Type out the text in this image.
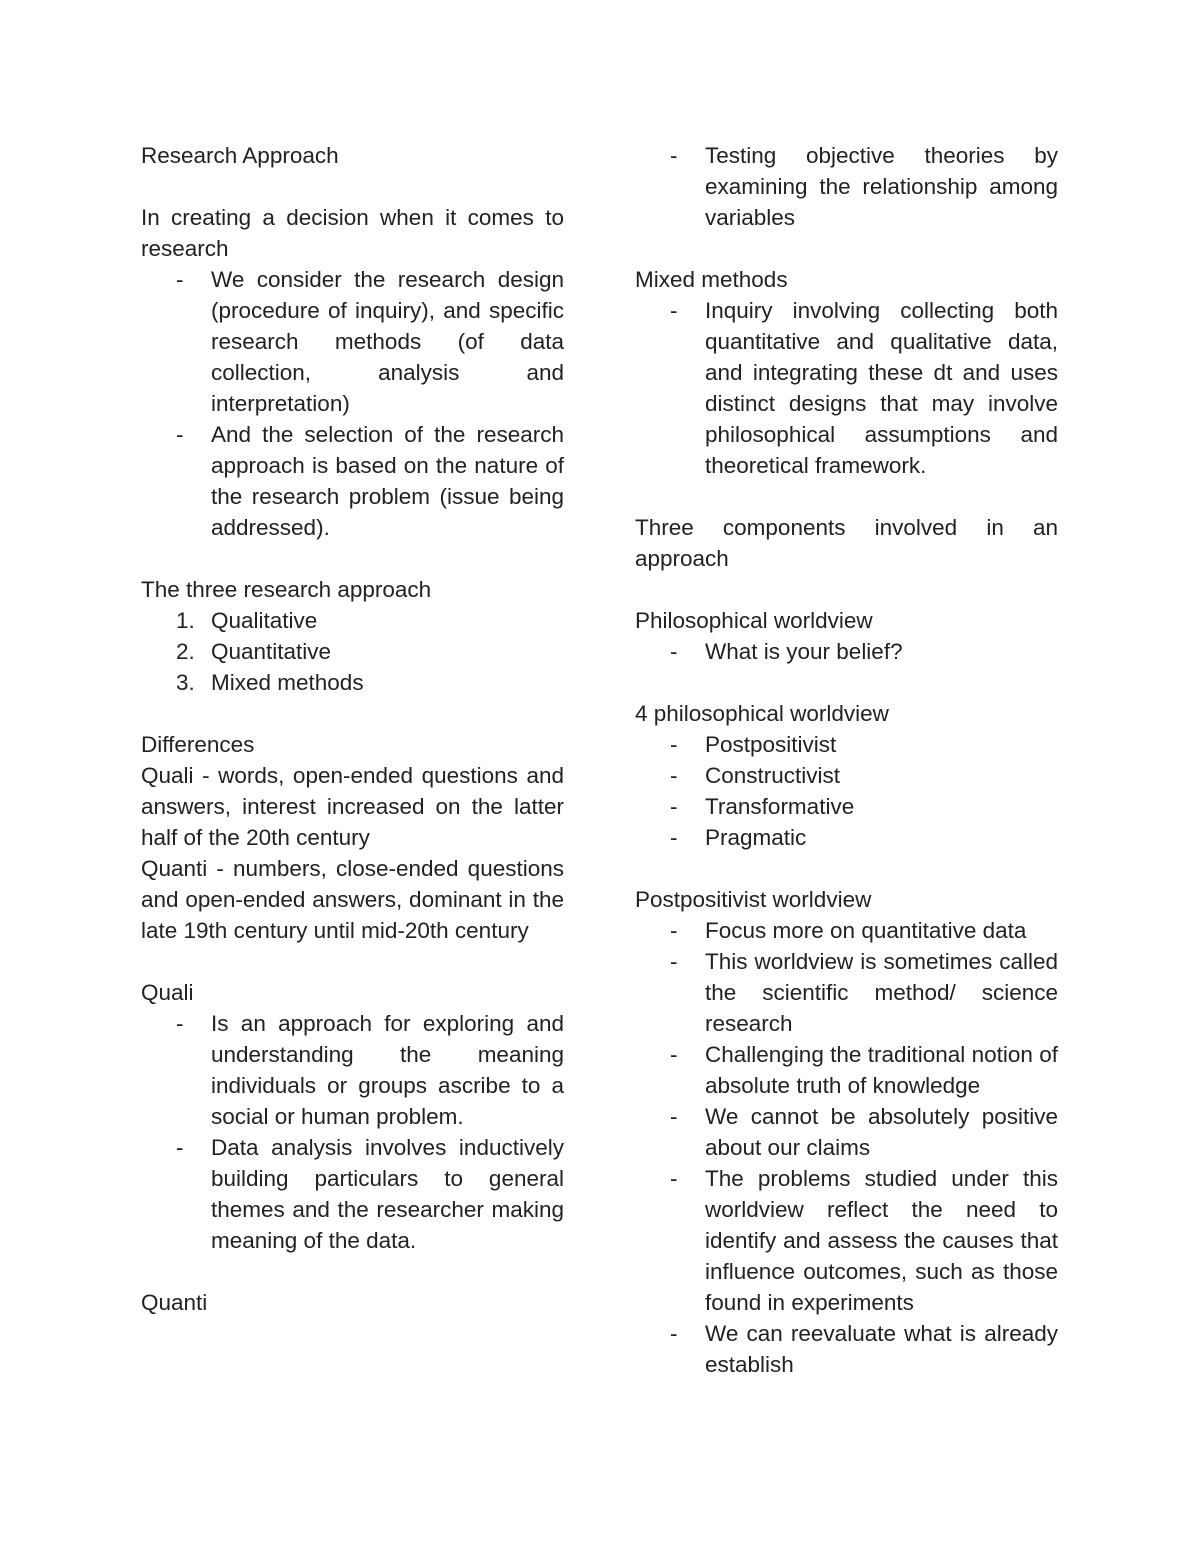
Research Approach
In creating a decision when it comes to research
- We consider the research design (procedure of inquiry), and specific research methods (of data collection, analysis and interpretation)
- And the selection of the research approach is based on the nature of the research problem (issue being addressed).
The three research approach
1. Qualitative
2. Quantitative
3. Mixed methods
Differences
Quali - words, open-ended questions and answers, interest increased on the latter half of the 20th century
Quanti - numbers, close-ended questions and open-ended answers, dominant in the late 19th century until mid-20th century
Quali
- Is an approach for exploring and understanding the meaning individuals or groups ascribe to a social or human problem.
- Data analysis involves inductively building particulars to general themes and the researcher making meaning of the data.
Quanti
- Testing objective theories by examining the relationship among variables
Mixed methods
- Inquiry involving collecting both quantitative and qualitative data, and integrating these dt and uses distinct designs that may involve philosophical assumptions and theoretical framework.
Three components involved in an approach
Philosophical worldview
- What is your belief?
4 philosophical worldview
- Postpositivist
- Constructivist
- Transformative
- Pragmatic
Postpositivist worldview
- Focus more on quantitative data
- This worldview is sometimes called the scientific method/ science research
- Challenging the traditional notion of absolute truth of knowledge
- We cannot be absolutely positive about our claims
- The problems studied under this worldview reflect the need to identify and assess the causes that influence outcomes, such as those found in experiments
- We can reevaluate what is already establish
